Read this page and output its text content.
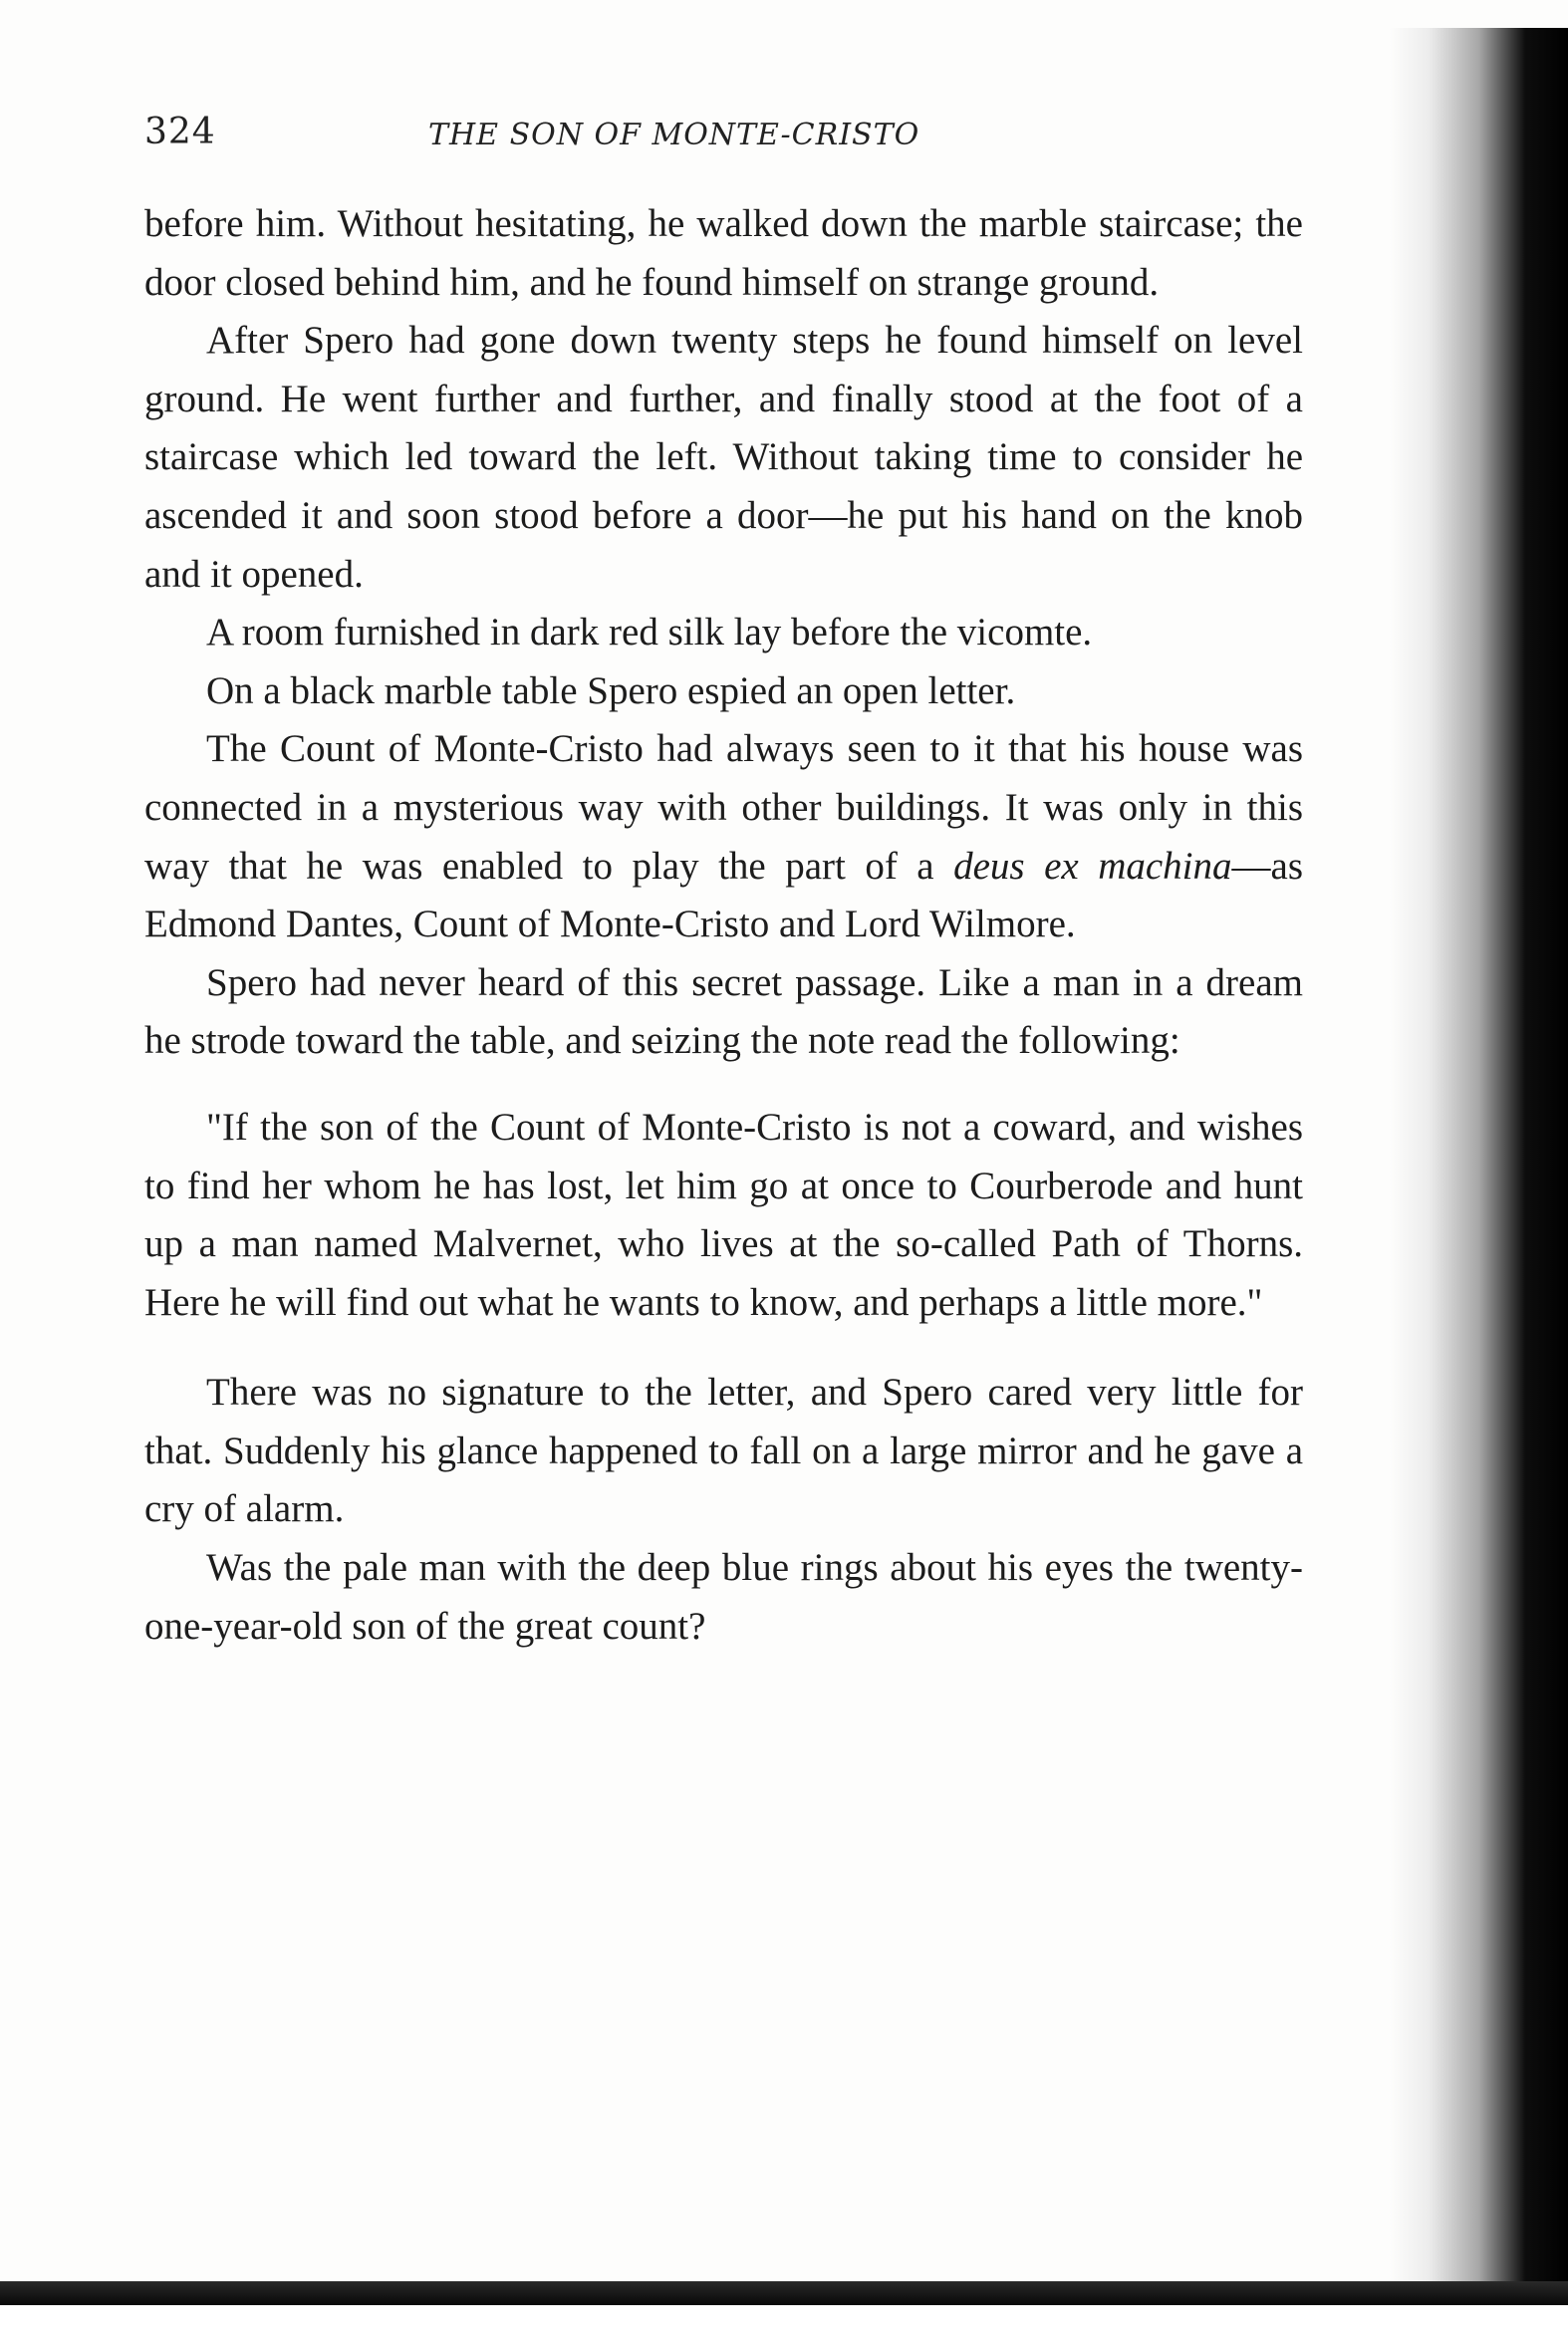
324	THE SON OF MONTE-CRISTO

before him. Without hesitating, he walked down the marble staircase; the door closed behind him, and he found himself on strange ground.

After Spero had gone down twenty steps he found himself on level ground. He went further and further, and finally stood at the foot of a staircase which led toward the left. Without taking time to consider he ascended it and soon stood before a door—he put his hand on the knob and it opened.

A room furnished in dark red silk lay before the vicomte.

On a black marble table Spero espied an open letter.

The Count of Monte-Cristo had always seen to it that his house was connected in a mysterious way with other buildings. It was only in this way that he was enabled to play the part of a deus ex machina—as Edmond Dantes, Count of Monte-Cristo and Lord Wilmore.

Spero had never heard of this secret passage. Like a man in a dream he strode toward the table, and seizing the note read the following:

"If the son of the Count of Monte-Cristo is not a coward, and wishes to find her whom he has lost, let him go at once to Courberode and hunt up a man named Malvernet, who lives at the so-called Path of Thorns. Here he will find out what he wants to know, and perhaps a little more."

There was no signature to the letter, and Spero cared very little for that. Suddenly his glance happened to fall on a large mirror and he gave a cry of alarm.

Was the pale man with the deep blue rings about his eyes the twenty-one-year-old son of the great count?
